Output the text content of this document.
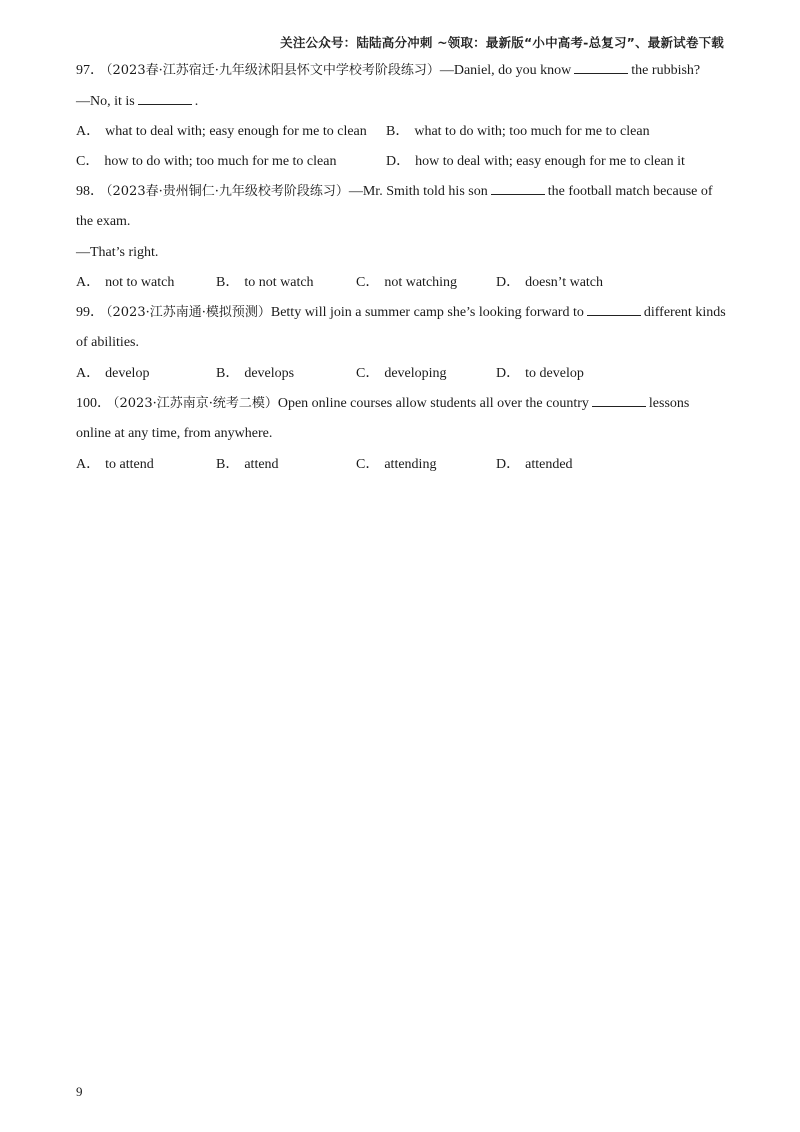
关注公众号：陆陆高分冲刺 ~领取：最新版“小中高考-总复习”、最新试卷下载

97． （2023春·江苏宿迁·九年级沭阳县怀文中学校考阶段练习）—Daniel, do you know	the rubbish?

—No, it is	.

A． what to deal with; easy enough for me to clean B． what to do with; too much for me to clean
C． how to do with; too much for me to clean	D． how to deal with; easy enough for me to clean it

98． （2023春·贵州铜仁·九年级校考阶段练习）—Mr. Smith told his son	the football match because of the exam.

—That’s right.

A． not to watch	B． to not watch	C． not watching	D． doesn’t watch

99． （2023·江苏南通·模拟预测）Betty will join a summer camp she’s looking forward to	different kinds of abilities.

A． develop	B． develops	C． developing	D． to develop

100． （2023·江苏南京·统考二模）Open online courses allow students all over the country	lessons online at any time, from anywhere.

A． to attend	B． attend	C． attending	D． attended
9
